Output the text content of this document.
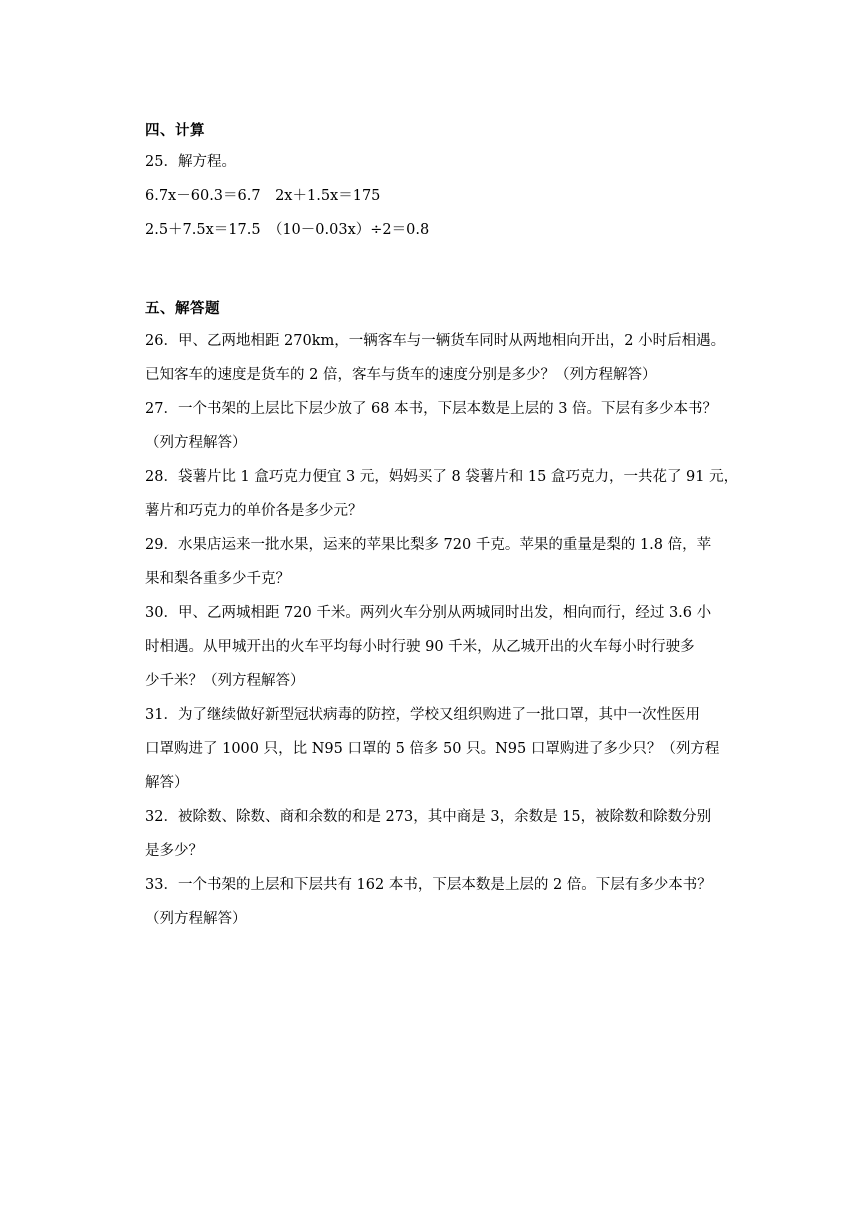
四、计算
25．解方程。
6.7x－60.3＝6.7　2x＋1.5x＝175
2.5＋7.5x＝17.5　（10－0.03x）÷2＝0.8
五、解答题
26．甲、乙两地相距 270km，一辆客车与一辆货车同时从两地相向开出，2 小时后相遇。
已知客车的速度是货车的 2 倍，客车与货车的速度分别是多少？（列方程解答）
27．一个书架的上层比下层少放了 68 本书，下层本数是上层的 3 倍。下层有多少本书？
（列方程解答）
28．袋薯片比 1 盒巧克力便宜 3 元，妈妈买了 8 袋薯片和 15 盒巧克力，一共花了 91 元，
薯片和巧克力的单价各是多少元？
29．水果店运来一批水果，运来的苹果比梨多 720 千克。苹果的重量是梨的 1.8 倍，苹
果和梨各重多少千克？
30．甲、乙两城相距 720 千米。两列火车分别从两城同时出发，相向而行，经过 3.6 小
时相遇。从甲城开出的火车平均每小时行驶 90 千米，从乙城开出的火车每小时行驶多
少千米？（列方程解答）
31．为了继续做好新型冠状病毒的防控，学校又组织购进了一批口罩，其中一次性医用
口罩购进了 1000 只，比 N95 口罩的 5 倍多 50 只。N95 口罩购进了多少只？（列方程
解答）
32．被除数、除数、商和余数的和是 273，其中商是 3，余数是 15，被除数和除数分别
是多少？
33．一个书架的上层和下层共有 162 本书，下层本数是上层的 2 倍。下层有多少本书？
（列方程解答）
